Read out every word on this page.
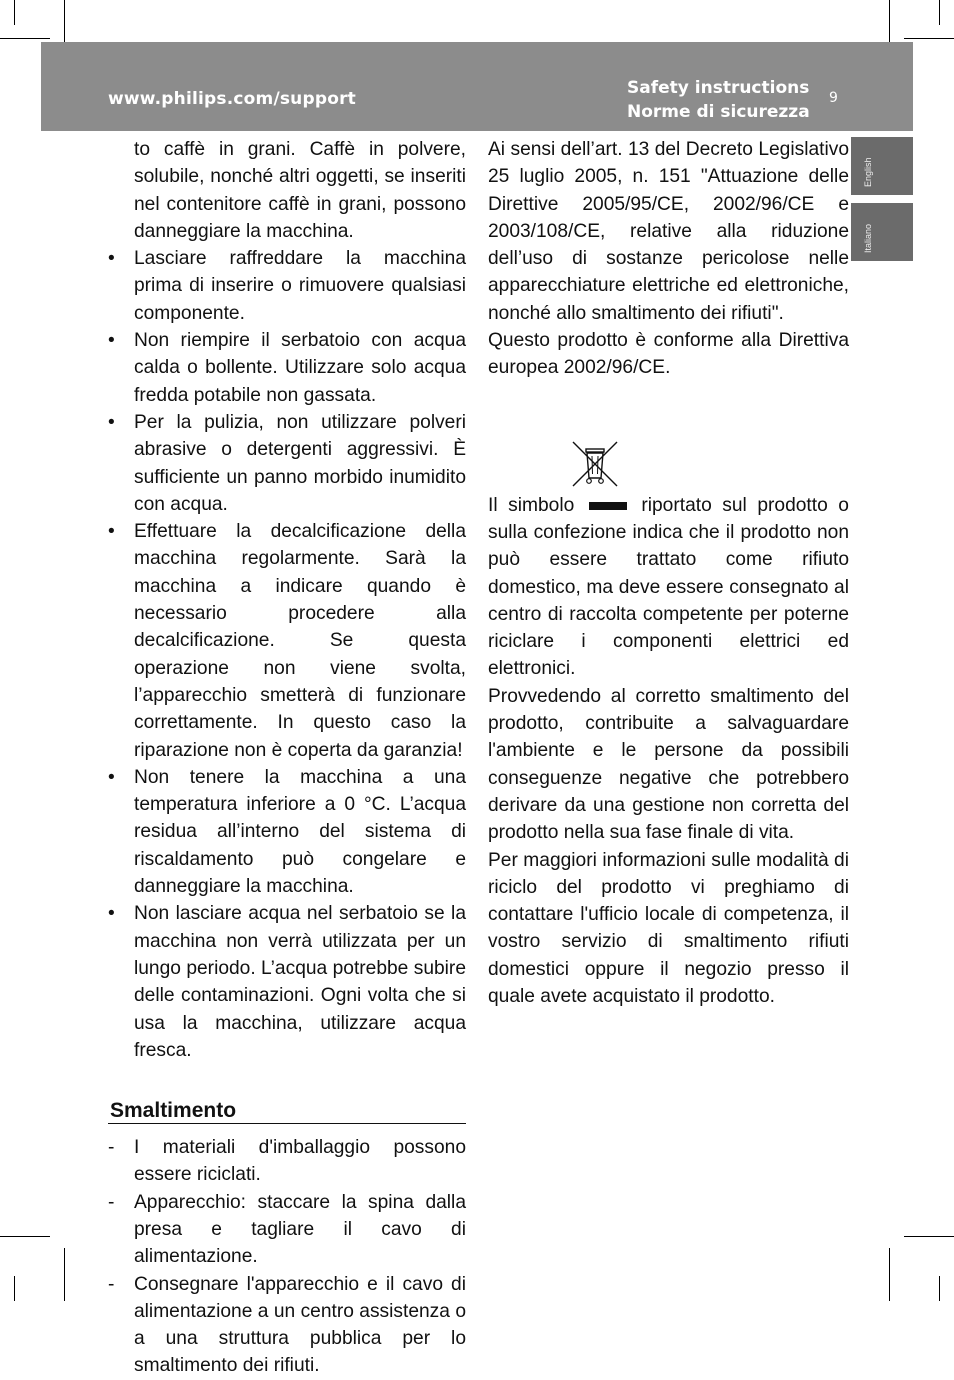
www.philips.com/support
Safety instructions
Norme di sicurezza
9
English
Italiano
to caffè in grani. Caffè in polvere, solubile, nonché altri oggetti, se inseriti nel contenitore caffè in grani, possono danneggiare la macchina.
• Lasciare raffreddare la macchina prima di inserire o rimuovere qualsiasi componente.
• Non riempire il serbatoio con acqua calda o bollente. Utilizzare solo acqua fredda potabile non gassata.
• Per la pulizia, non utilizzare polveri abrasive o detergenti aggressivi. È sufficiente un panno morbido inumidito con acqua.
• Effettuare la decalcificazione della macchina regolarmente. Sarà la macchina a indicare quando è necessario procedere alla decalcificazione. Se questa operazione non viene svolta, l’apparecchio smetterà di funzionare correttamente. In questo caso la riparazione non è coperta da garanzia!
• Non tenere la macchina a una temperatura inferiore a 0 °C. L’acqua residua all’interno del sistema di riscaldamento può congelare e danneggiare la macchina.
• Non lasciare acqua nel serbatoio se la macchina non verrà utilizzata per un lungo periodo. L’acqua potrebbe subire delle contaminazioni. Ogni volta che si usa la macchina, utilizzare acqua fresca.
Smaltimento
- I materiali d'imballaggio possono essere riciclati.
- Apparecchio: staccare la spina dalla presa e tagliare il cavo di alimentazione.
- Consegnare l'apparecchio e il cavo di alimentazione a un centro assistenza o a una struttura pubblica per lo smaltimento dei rifiuti.

Ai sensi dell’art. 13 del Decreto Legislativo 25 luglio 2005, n. 151 "Attuazione delle Direttive 2005/95/CE, 2002/96/CE e 2003/108/CE, relative alla riduzione dell’uso di sostanze pericolose nelle apparecchiature elettriche ed elettroniche, nonché allo smaltimento dei rifiuti".

Questo prodotto è conforme alla Direttiva europea 2002/96/CE.

Il simbolo	riportato sul prodotto o sulla confezione indica che il prodotto non può essere trattato come rifiuto domestico, ma deve essere consegnato al centro di raccolta competente per poterne riciclare i componenti elettrici ed elettronici.

Provvedendo al corretto smaltimento del prodotto, contribuite a salvaguardare l'ambiente e le persone da possibili conseguenze negative che potrebbero derivare da una gestione non corretta del prodotto nella sua fase finale di vita.

Per maggiori informazioni sulle modalità di riciclo del prodotto vi preghiamo di contattare l'ufficio locale di competenza, il vostro servizio di smaltimento rifiuti domestici oppure il negozio presso il quale avete acquistato il prodotto.
